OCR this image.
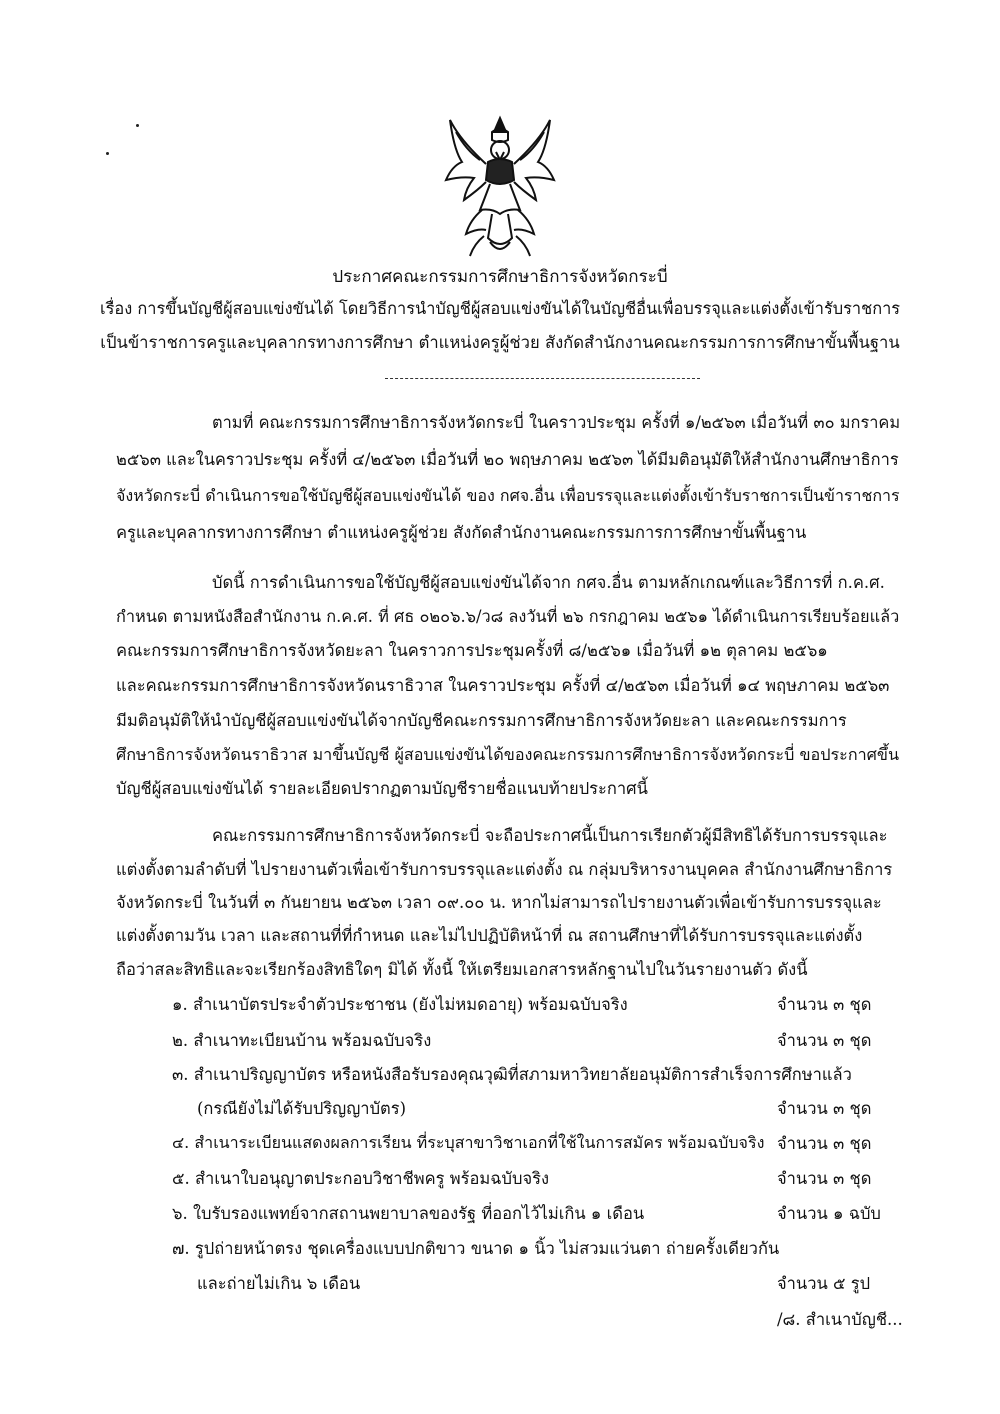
ประกาศคณะกรรมการศึกษาธิการจังหวัดกระบี่
เรื่อง การขึ้นบัญชีผู้สอบแข่งขันได้ โดยวิธีการนำบัญชีผู้สอบแข่งขันได้ในบัญชีอื่นเพื่อบรรจุและแต่งตั้งเข้ารับราชการ
เป็นข้าราชการครูและบุคลากรทางการศึกษา ตำแหน่งครูผู้ช่วย สังกัดสำนักงานคณะกรรมการการศึกษาขั้นพื้นฐาน
ตามที่ คณะกรรมการศึกษาธิการจังหวัดกระบี่ ในคราวประชุม ครั้งที่ ๑/๒๕๖๓ เมื่อวันที่ ๓๐ มกราคม
๒๕๖๓ และในคราวประชุม ครั้งที่ ๔/๒๕๖๓ เมื่อวันที่ ๒๐ พฤษภาคม ๒๕๖๓ ได้มีมติอนุมัติให้สำนักงานศึกษาธิการ
จังหวัดกระบี่ ดำเนินการขอใช้บัญชีผู้สอบแข่งขันได้ ของ กศจ.อื่น เพื่อบรรจุและแต่งตั้งเข้ารับราชการเป็นข้าราชการ
ครูและบุคลากรทางการศึกษา ตำแหน่งครูผู้ช่วย สังกัดสำนักงานคณะกรรมการการศึกษาขั้นพื้นฐาน
บัดนี้ การดำเนินการขอใช้บัญชีผู้สอบแข่งขันได้จาก กศจ.อื่น ตามหลักเกณฑ์และวิธีการที่ ก.ค.ศ.
กำหนด ตามหนังสือสำนักงาน ก.ค.ศ. ที่ ศธ ๐๒๐๖.๖/ว๘ ลงวันที่ ๒๖ กรกฎาคม ๒๕๖๑ ได้ดำเนินการเรียบร้อยแล้ว
คณะกรรมการศึกษาธิการจังหวัดยะลา ในคราวการประชุมครั้งที่ ๘/๒๕๖๑ เมื่อวันที่ ๑๒ ตุลาคม ๒๕๖๑
และคณะกรรมการศึกษาธิการจังหวัดนราธิวาส ในคราวประชุม ครั้งที่ ๔/๒๕๖๓ เมื่อวันที่ ๑๔ พฤษภาคม ๒๕๖๓
มีมติอนุมัติให้นำบัญชีผู้สอบแข่งขันได้จากบัญชีคณะกรรมการศึกษาธิการจังหวัดยะลา และคณะกรรมการ
ศึกษาธิการจังหวัดนราธิวาส มาขึ้นบัญชี ผู้สอบแข่งขันได้ของคณะกรรมการศึกษาธิการจังหวัดกระบี่ ขอประกาศขึ้น
บัญชีผู้สอบแข่งขันได้ รายละเอียดปรากฏตามบัญชีรายชื่อแนบท้ายประกาศนี้
คณะกรรมการศึกษาธิการจังหวัดกระบี่ จะถือประกาศนี้เป็นการเรียกตัวผู้มีสิทธิได้รับการบรรจุและ
แต่งตั้งตามลำดับที่ ไปรายงานตัวเพื่อเข้ารับการบรรจุและแต่งตั้ง ณ กลุ่มบริหารงานบุคคล สำนักงานศึกษาธิการ
จังหวัดกระบี่ ในวันที่ ๓ กันยายน ๒๕๖๓ เวลา ๐๙.๐๐ น. หากไม่สามารถไปรายงานตัวเพื่อเข้ารับการบรรจุและ
แต่งตั้งตามวัน เวลา และสถานที่ที่กำหนด และไม่ไปปฏิบัติหน้าที่ ณ สถานศึกษาที่ได้รับการบรรจุและแต่งตั้ง
ถือว่าสละสิทธิและจะเรียกร้องสิทธิใดๆ มิได้ ทั้งนี้ ให้เตรียมเอกสารหลักฐานไปในวันรายงานตัว ดังนี้
๑. สำเนาบัตรประจำตัวประชาชน (ยังไม่หมดอายุ) พร้อมฉบับจริง	จำนวน ๓ ชุด
๒. สำเนาทะเบียนบ้าน พร้อมฉบับจริง	จำนวน ๓ ชุด
๓. สำเนาปริญญาบัตร หรือหนังสือรับรองคุณวุฒิที่สภามหาวิทยาลัยอนุมัติการสำเร็จการศึกษาแล้ว
(กรณียังไม่ได้รับปริญญาบัตร)	จำนวน ๓ ชุด
๔. สำเนาระเบียนแสดงผลการเรียน ที่ระบุสาขาวิชาเอกที่ใช้ในการสมัคร พร้อมฉบับจริง จำนวน ๓ ชุด
๕. สำเนาใบอนุญาตประกอบวิชาชีพครู พร้อมฉบับจริง	จำนวน ๓ ชุด
๖. ใบรับรองแพทย์จากสถานพยาบาลของรัฐ ที่ออกไว้ไม่เกิน ๑ เดือน	จำนวน ๑ ฉบับ
๗. รูปถ่ายหน้าตรง ชุดเครื่องแบบปกติขาว ขนาด ๑ นิ้ว ไม่สวมแว่นตา ถ่ายครั้งเดียวกัน
และถ่ายไม่เกิน ๖ เดือน	จำนวน ๕ รูป
/๘. สำเนาบัญชี...
